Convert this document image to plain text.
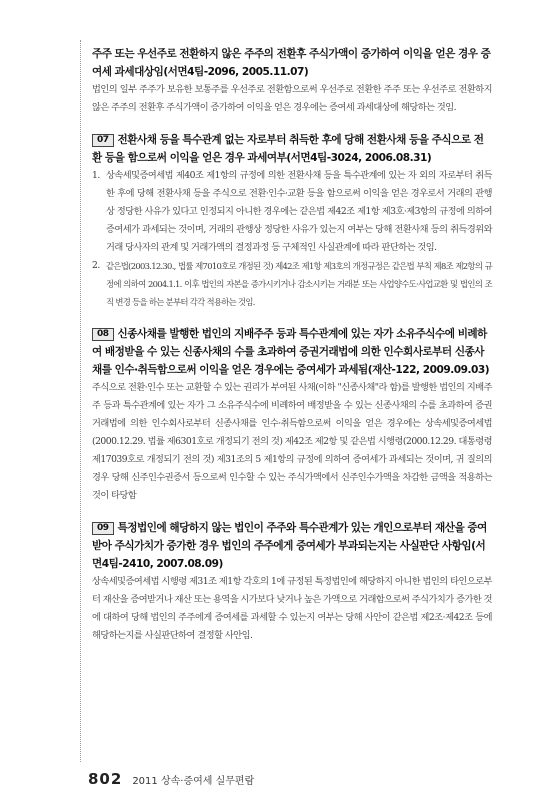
주주 또는 우선주로 전환하지 않은 주주의 전환후 주식가액이 증가하여 이익을 얻은 경우 증여세 과세대상임(서면4팀-2096, 2005.11.07)
법인의 일부 주주가 보유한 보통주를 우선주로 전환함으로써 우선주로 전환한 주주 또는 우선주로 전환하지 않은 주주의 전환후 주식가액이 증가하여 이익을 얻은 경우에는 증여세 과세대상에 해당하는 것임.
07 전환사채 등을 특수관계 없는 자로부터 취득한 후에 당해 전환사채 등을 주식으로 전환 등을 함으로써 이익을 얻은 경우 과세여부(서면4팀-3024, 2006.08.31)
1. 상속세및증여세법 제40조 제1항의 규정에 의한 전환사채 등을 특수관계에 있는 자 외의 자로부터 취득한 후에 당해 전환사채 등을 주식으로 전환·인수·교환 등을 함으로써 이익을 얻은 경우로서 거래의 관행상 정당한 사유가 있다고 인정되지 아니한 경우에는 같은법 제42조 제1항 제3호·제3항의 규정에 의하여 증여세가 과세되는 것이며, 거래의 관행상 정당한 사유가 있는지 여부는 당해 전환사채 등의 취득경위와 거래 당사자의 관계 및 거래가액의 결정과정 등 구체적인 사실관계에 따라 판단하는 것임.
2. 같은법(2003.12.30., 법률 제7010호로 개정된 것) 제42조 제1항 제3호의 개정규정은 같은법 부칙 제8조 제2항의 규정에 의하여 2004.1.1. 이후 법인의 자본을 증가시키거나 감소시키는 거래분 또는 사업양수도·사업교환 및 법인의 조직 변경 등을 하는 분부터 각각 적용하는 것임.
08 신종사채를 발행한 법인의 지배주주 등과 특수관계에 있는 자가 소유주식수에 비례하여 배정받을 수 있는 신종사채의 수를 초과하여 증권거래법에 의한 인수회사로부터 신종사채를 인수·취득함으로써 이익을 얻은 경우에는 증여세가 과세됨(재산-122, 2009.09.03)
주식으로 전환·인수 또는 교환할 수 있는 권리가 부여된 사채(이하 "신종사채"라 함)를 발행한 법인의 지배주주 등과 특수관계에 있는 자가 그 소유주식수에 비례하여 배정받을 수 있는 신종사채의 수를 초과하여 증권거래법에 의한 인수회사로부터 신종사채를 인수·취득함으로써 이익을 얻은 경우에는 상속세및증여세법(2000.12.29. 법률 제6301호로 개정되기 전의 것) 제42조 제2항 및 같은법 시행령(2000.12.29. 대통령령 제17039호로 개정되기 전의 것) 제31조의 5 제1항의 규정에 의하여 증여세가 과세되는 것이며, 귀 질의의 경우 당해 신주인수권증서 등으로써 인수할 수 있는 주식가액에서 신주인수가액을 차감한 금액을 적용하는 것이 타당함
09 특정법인에 해당하지 않는 법인이 주주와 특수관계가 있는 개인으로부터 재산을 증여 받아 주식가치가 증가한 경우 법인의 주주에게 증여세가 부과되는지는 사실판단 사항임(서면4팀-2410, 2007.08.09)
상속세및증여세법 시행령 제31조 제1항 각호의 1에 규정된 특정법인에 해당하지 아니한 법인의 타인으로부터 재산을 증여받거나 재산 또는 용역을 시가보다 낮거나 높은 가액으로 거래함으로써 주식가치가 증가한 것에 대하여 당해 법인의 주주에게 증여세를 과세할 수 있는지 여부는 당해 사안이 같은법 제2조·제42조 등에 해당하는지를 사실판단하여 결정할 사안임.
802 2011 상속·증여세 실무편람
